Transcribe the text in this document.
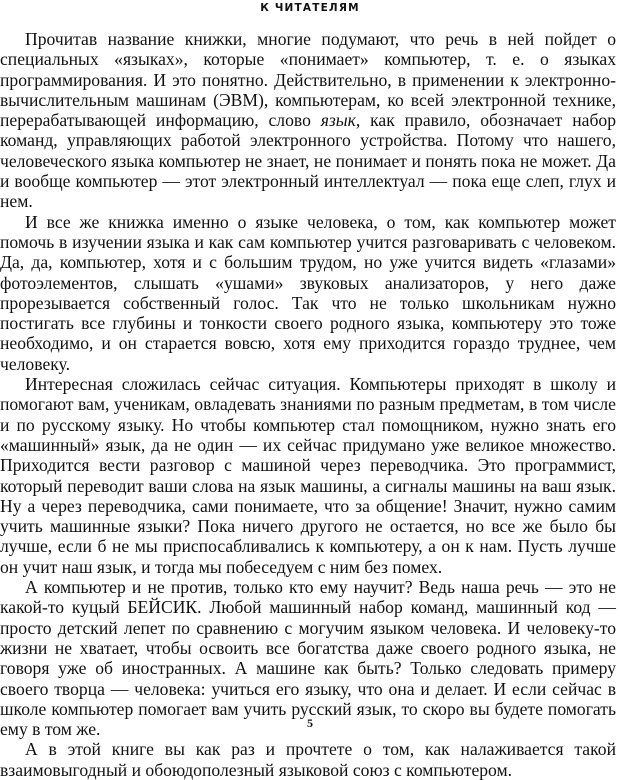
К ЧИТАТЕЛЯМ

Прочитав название книжки, многие подумают, что речь в ней пойдет о специальных «языках», которые «понимает» компьютер, т. е. о языках программирования. И это понятно. Действительно, в применении к электронно-вычислительным машинам (ЭВМ), компьютерам, ко всей электронной технике, перерабатывающей информацию, слово язык, как правило, обозначает набор команд, управляющих работой электронного устройства. Потому что нашего, человеческого языка компьютер не знает, не понимает и понять пока не может. Да и вообще компьютер — этот электронный интеллектуал — пока еще слеп, глух и нем.

И все же книжка именно о языке человека, о том, как компьютер может помочь в изучении языка и как сам компьютер учится разговаривать с человеком. Да, да, компьютер, хотя и с большим трудом, но уже учится видеть «глазами» фотоэлементов, слышать «ушами» звуковых анализаторов, у него даже прорезывается собственный голос. Так что не только школьникам нужно постигать все глубины и тонкости своего родного языка, компьютеру это тоже необходимо, и он старается вовсю, хотя ему приходится гораздо труднее, чем человеку.

Интересная сложилась сейчас ситуация. Компьютеры приходят в школу и помогают вам, ученикам, овладевать знаниями по разным предметам, в том числе и по русскому языку. Но чтобы компьютер стал помощником, нужно знать его «машинный» язык, да не один — их сейчас придумано уже великое множество. Приходится вести разговор с машиной через переводчика. Это программист, который переводит ваши слова на язык машины, а сигналы машины на ваш язык. Ну а через переводчика, сами понимаете, что за общение! Значит, нужно самим учить машинные языки? Пока ничего другого не остается, но все же было бы лучше, если б не мы приспосабливались к компьютеру, а он к нам. Пусть лучше он учит наш язык, и тогда мы побеседуем с ним без помех.

А компьютер и не против, только кто ему научит? Ведь наша речь — это не какой-то куцый БЕЙСИК. Любой машинный набор команд, машинный код — просто детский лепет по сравнению с могучим языком человека. И человеку-то жизни не хватает, чтобы освоить все богатства даже своего родного языка, не говоря уже об иностранных. А машине как быть? Только следовать примеру своего творца — человека: учиться его языку, что она и делает. И если сейчас в школе компьютер помогает вам учить русский язык, то скоро вы будете помогать ему в том же.

А в этой книге вы как раз и прочтете о том, как налаживается такой взаимовыгодный и обоюдополезный языковой союз с компьютером.

5
